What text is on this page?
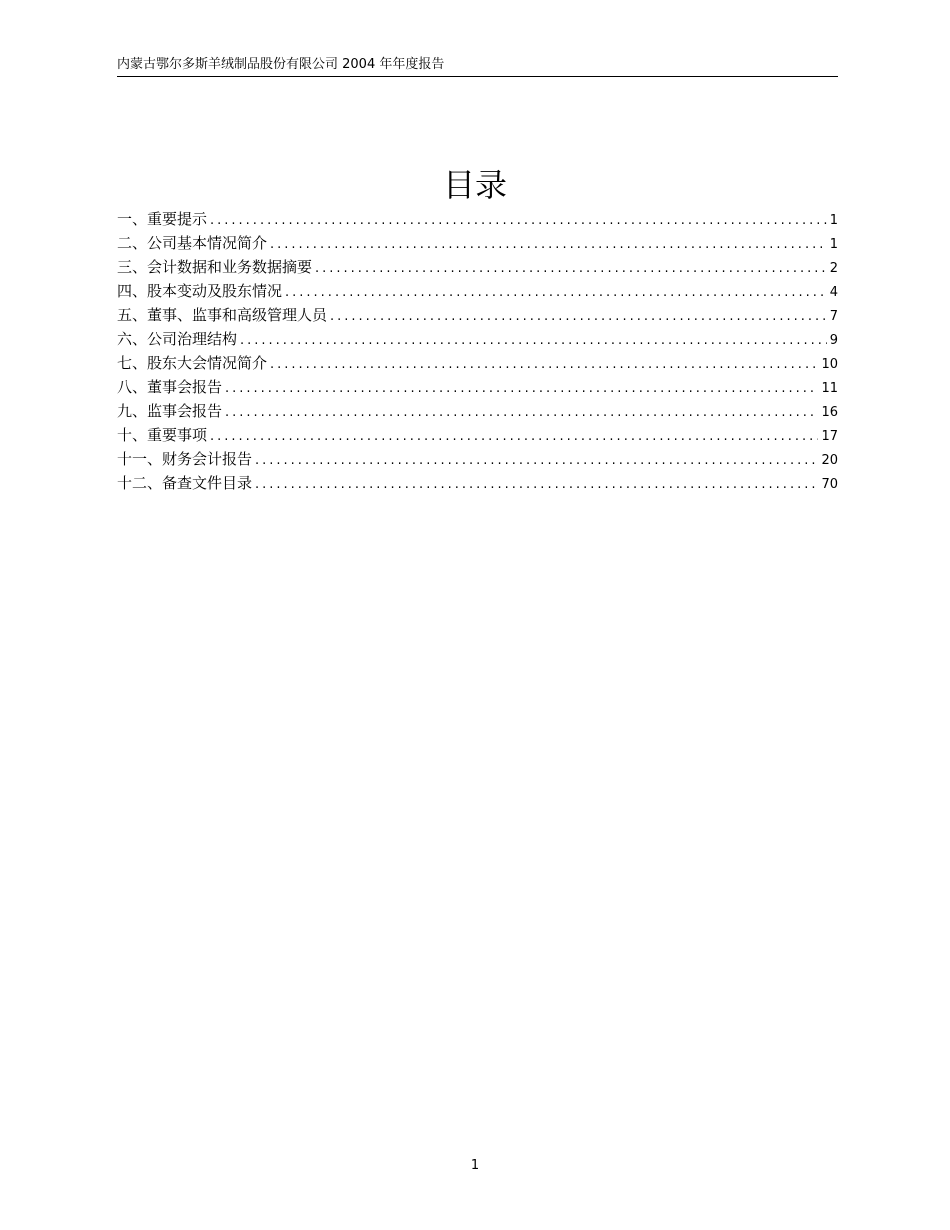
内蒙古鄂尔多斯羊绒制品股份有限公司 2004 年年度报告
目录
一、重要提示 .....	1
二、公司基本情况简介 .....	1
三、会计数据和业务数据摘要 .....	2
四、股本变动及股东情况 .....	4
五、董事、监事和高级管理人员 .....	7
六、公司治理结构 .....	9
七、股东大会情况简介 .....	10
八、董事会报告 .....	11
九、监事会报告 .....	16
十、重要事项 .....	17
十一、财务会计报告 .....	20
十二、备查文件目录 .....	70
1
